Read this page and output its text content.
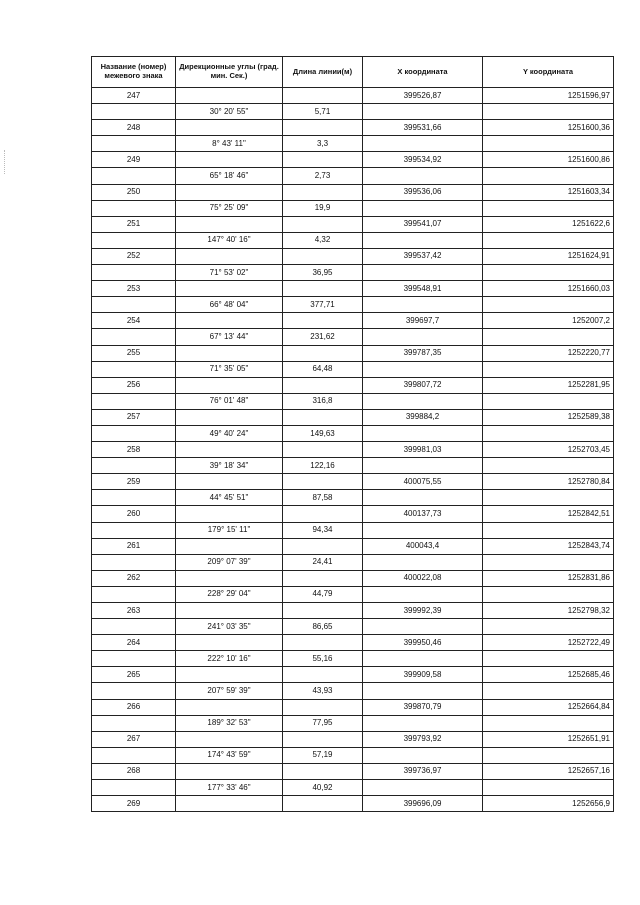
Название (номер) межевого знака	Дирекционные углы (град. мин. Сек.)	Длина линии(м)	X координата	Y координата
247			399526,87	1251596,97
	30° 20' 55"	5,71		
248			399531,66	1251600,36
	8° 43' 11"	3,3		
249			399534,92	1251600,86
	65° 18' 46"	2,73		
250			399536,06	1251603,34
	75° 25' 09"	19,9		
251			399541,07	1251622,6
	147° 40' 16"	4,32		
252			399537,42	1251624,91
	71° 53' 02"	36,95		
253			399548,91	1251660,03
	66° 48' 04"	377,71		
254			399697,7	1252007,2
	67° 13' 44"	231,62		
255			399787,35	1252220,77
	71° 35' 05"	64,48		
256			399807,72	1252281,95
	76° 01' 48"	316,8		
257			399884,2	1252589,38
	49° 40' 24"	149,63		
258			399981,03	1252703,45
	39° 18' 34"	122,16		
259			400075,55	1252780,84
	44° 45' 51"	87,58		
260			400137,73	1252842,51
	179° 15' 11"	94,34		
261			400043,4	1252843,74
	209° 07' 39"	24,41		
262			400022,08	1252831,86
	228° 29' 04"	44,79		
263			399992,39	1252798,32
	241° 03' 35"	86,65		
264			399950,46	1252722,49
	222° 10' 16"	55,16		
265			399909,58	1252685,46
	207° 59' 39"	43,93		
266			399870,79	1252664,84
	189° 32' 53"	77,95		
267			399793,92	1252651,91
	174° 43' 59"	57,19		
268			399736,97	1252657,16
	177° 33' 46"	40,92		
269			399696,09	1252656,9
